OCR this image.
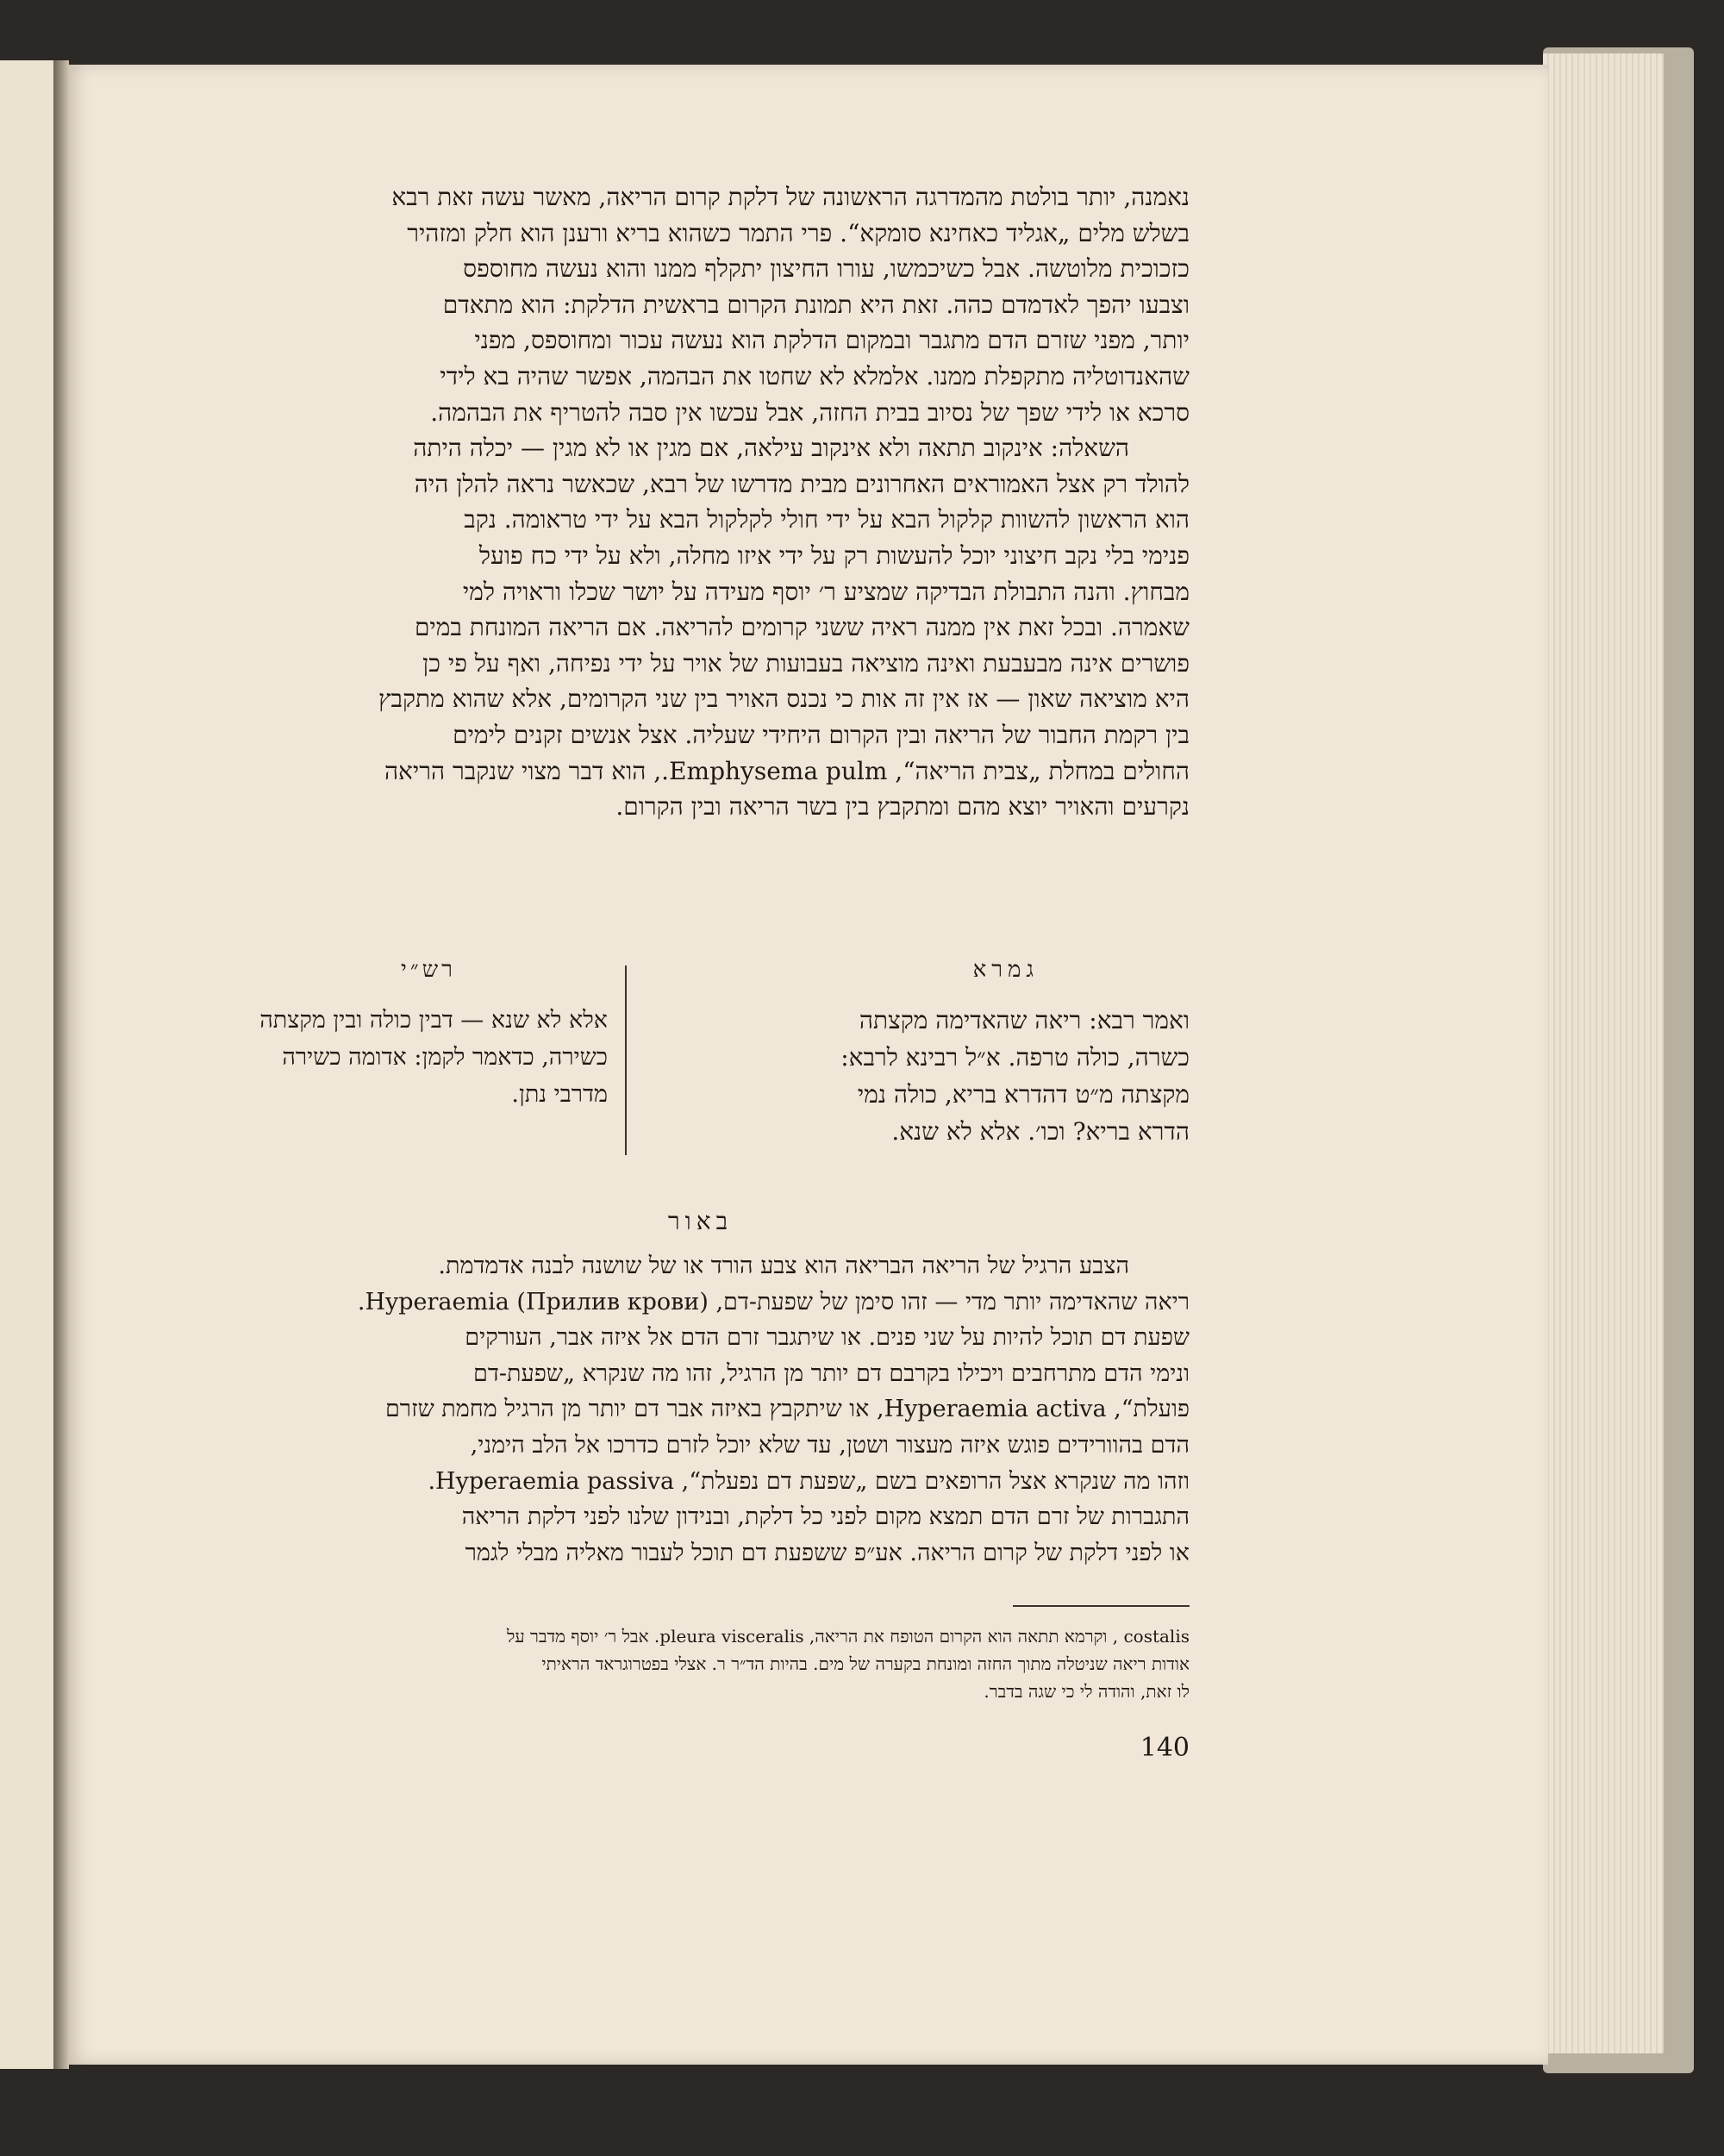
נאמנה, יותר בולטת מהמדרגה הראשונה של דלקת קרום הריאה, מאשר עשה זאת רבא

בשלש מלים „אגליד כאחינא סומקא“. פרי התמר כשהוא בריא ורענן הוא חלק ומזהיר

כזכוכית מלוטשה. אבל כשיכמשו, עורו החיצון יתקלף ממנו והוא נעשה מחוספס

וצבעו יהפך לאדמדם כהה. זאת היא תמונת הקרום בראשית הדלקת: הוא מתאדם

יותר, מפני שזרם הדם מתגבר ובמקום הדלקת הוא נעשה עכור ומחוספס, מפני

שהאנדוטליה מתקפלת ממנו. אלמלא לא שחטו את הבהמה, אפשר שהיה בא לידי

סרכא או לידי שפך של נסיוב בבית החזה, אבל עכשו אין סבה להטריף את הבהמה.

השאלה: אינקוב תתאה ולא אינקוב עילאה, אם מגין או לא מגין — יכלה היתה

להולד רק אצל האמוראים האחרונים מבית מדרשו של רבא, שכאשר נראה להלן היה

הוא הראשון להשוות קלקול הבא על ידי חולי לקלקול הבא על ידי טראומה. נקב

פנימי בלי נקב חיצוני יוכל להעשות רק על ידי איזו מחלה, ולא על ידי כח פועל

מבחוץ. והנה התבולת הבדיקה שמציע ר׳ יוסף מעידה על יושר שכלו וראויה למי

שאמרה. ובכל זאת אין ממנה ראיה ששני קרומים להריאה. אם הריאה המונחת במים

פושרים אינה מבעבעת ואינה מוציאה בעבועות של אויר על ידי נפיחה, ואף על פי כן

היא מוציאה שאון — אז אין זה אות כי נכנס האויר בין שני הקרומים, אלא שהוא מתקבץ

בין רקמת החבור של הריאה ובין הקרום היחידי שעליה. אצל אנשים זקנים לימים

החולים במחלת „צבית הריאה“, Emphysema pulm., הוא דבר מצוי שנקבר הריאה

נקרעים והאויר יוצא מהם ומתקבץ בין בשר הריאה ובין הקרום.

גמרא
רש״י
ואמר רבא: ריאה שהאדימה מקצתה
כשרה, כולה טרפה. א״ל רבינא לרבא:
מקצתה מ״ט דהדרא בריא, כולה נמי
הדרא בריא? וכו׳. אלא לא שנא.
אלא לא שנא — דבין כולה ובין מקצתה
כשירה, כדאמר לקמן: אדומה כשירה
מדרבי נתן.
באור

הצבע הרגיל של הריאה הבריאה הוא צבע הורד או של שושנה לבנה אדמדמת.

ריאה שהאדימה יותר מדי — זהו סימן של שפעת-דם, Hyperaemia (Прилив крови).

שפעת דם תוכל להיות על שני פנים. או שיתגבר זרם הדם אל איזה אבר, העורקים

ונימי הדם מתרחבים ויכילו בקרבם דם יותר מן הרגיל, זהו מה שנקרא „שפעת-דם

פועלת“, Hyperaemia activa, או שיתקבץ באיזה אבר דם יותר מן הרגיל מחמת שזרם

הדם בהוורידים פוגש איזה מעצור ושטן, עד שלא יוכל לזרם כדרכו אל הלב הימני,

וזהו מה שנקרא אצל הרופאים בשם „שפעת דם נפעלת“, Hyperaemia passiva.

התגברות של זרם הדם תמצא מקום לפני כל דלקת, ובנידון שלנו לפני דלקת הריאה

או לפני דלקת של קרום הריאה. אע״פ ששפעת דם תוכל לעבור מאליה מבלי לגמר

costalis , וקרמא תתאה הוא הקרום הטופח את הריאה, pleura visceralis. אבל ר׳ יוסף מדבר על

אודות ריאה שניטלה מתוך החזה ומונחת בקערה של מים. בהיות הד״ר ר. אצלי בפטרוגראד הראיתי

לו זאת, והודה לי כי שגה בדבר.

140
